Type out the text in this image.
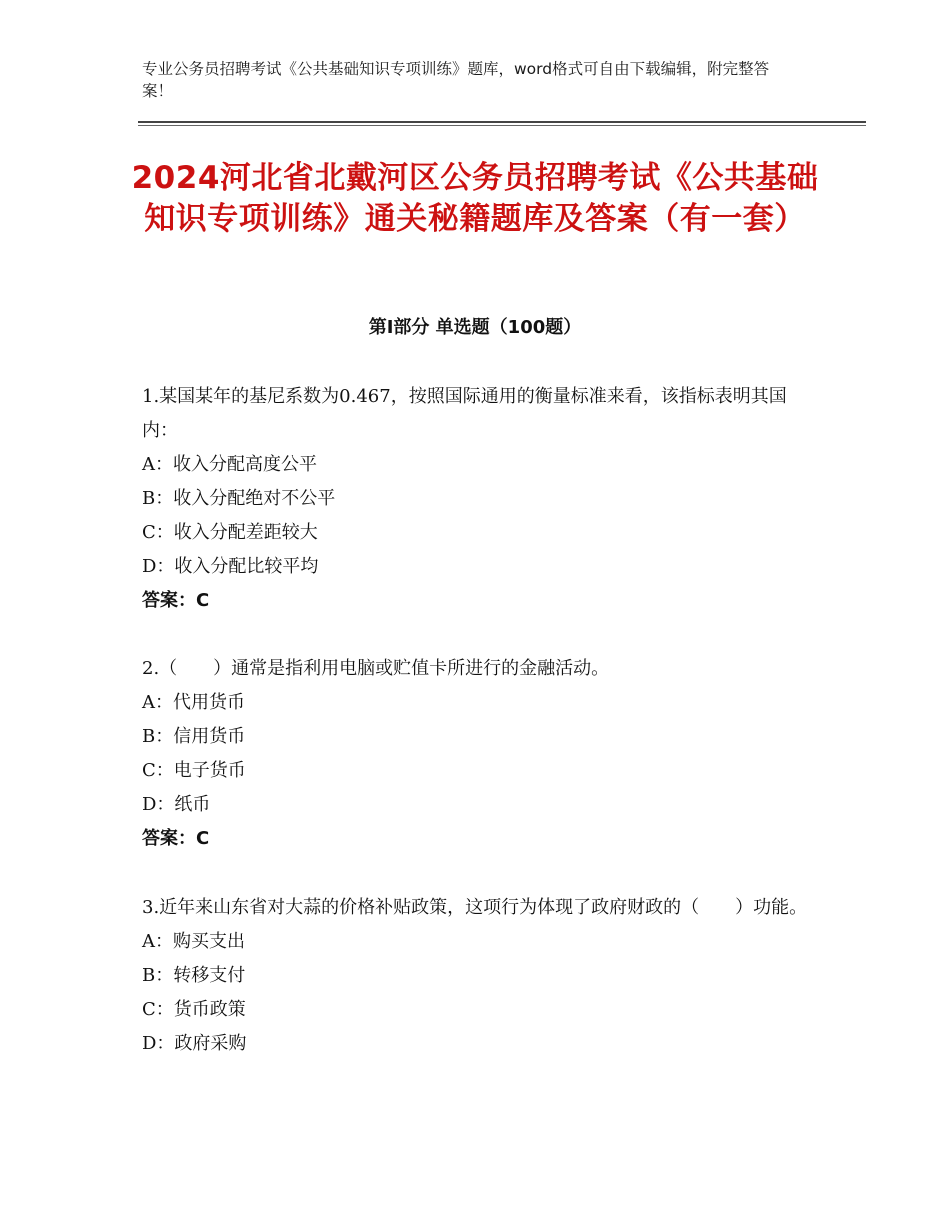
专业公务员招聘考试《公共基础知识专项训练》题库，word格式可自由下载编辑，附完整答案！
2024河北省北戴河区公务员招聘考试《公共基础知识专项训练》通关秘籍题库及答案（有一套）
第I部分 单选题（100题）

1.某国某年的基尼系数为0.467，按照国际通用的衡量标准来看，该指标表明其国内：

A：收入分配高度公平

B：收入分配绝对不公平

C：收入分配差距较大

D：收入分配比较平均

答案：C

2.（　　）通常是指利用电脑或贮值卡所进行的金融活动。

A：代用货币

B：信用货币

C：电子货币

D：纸币

答案：C

3.近年来山东省对大蒜的价格补贴政策，这项行为体现了政府财政的（　　）功能。

A：购买支出

B：转移支付

C：货币政策

D：政府采购
